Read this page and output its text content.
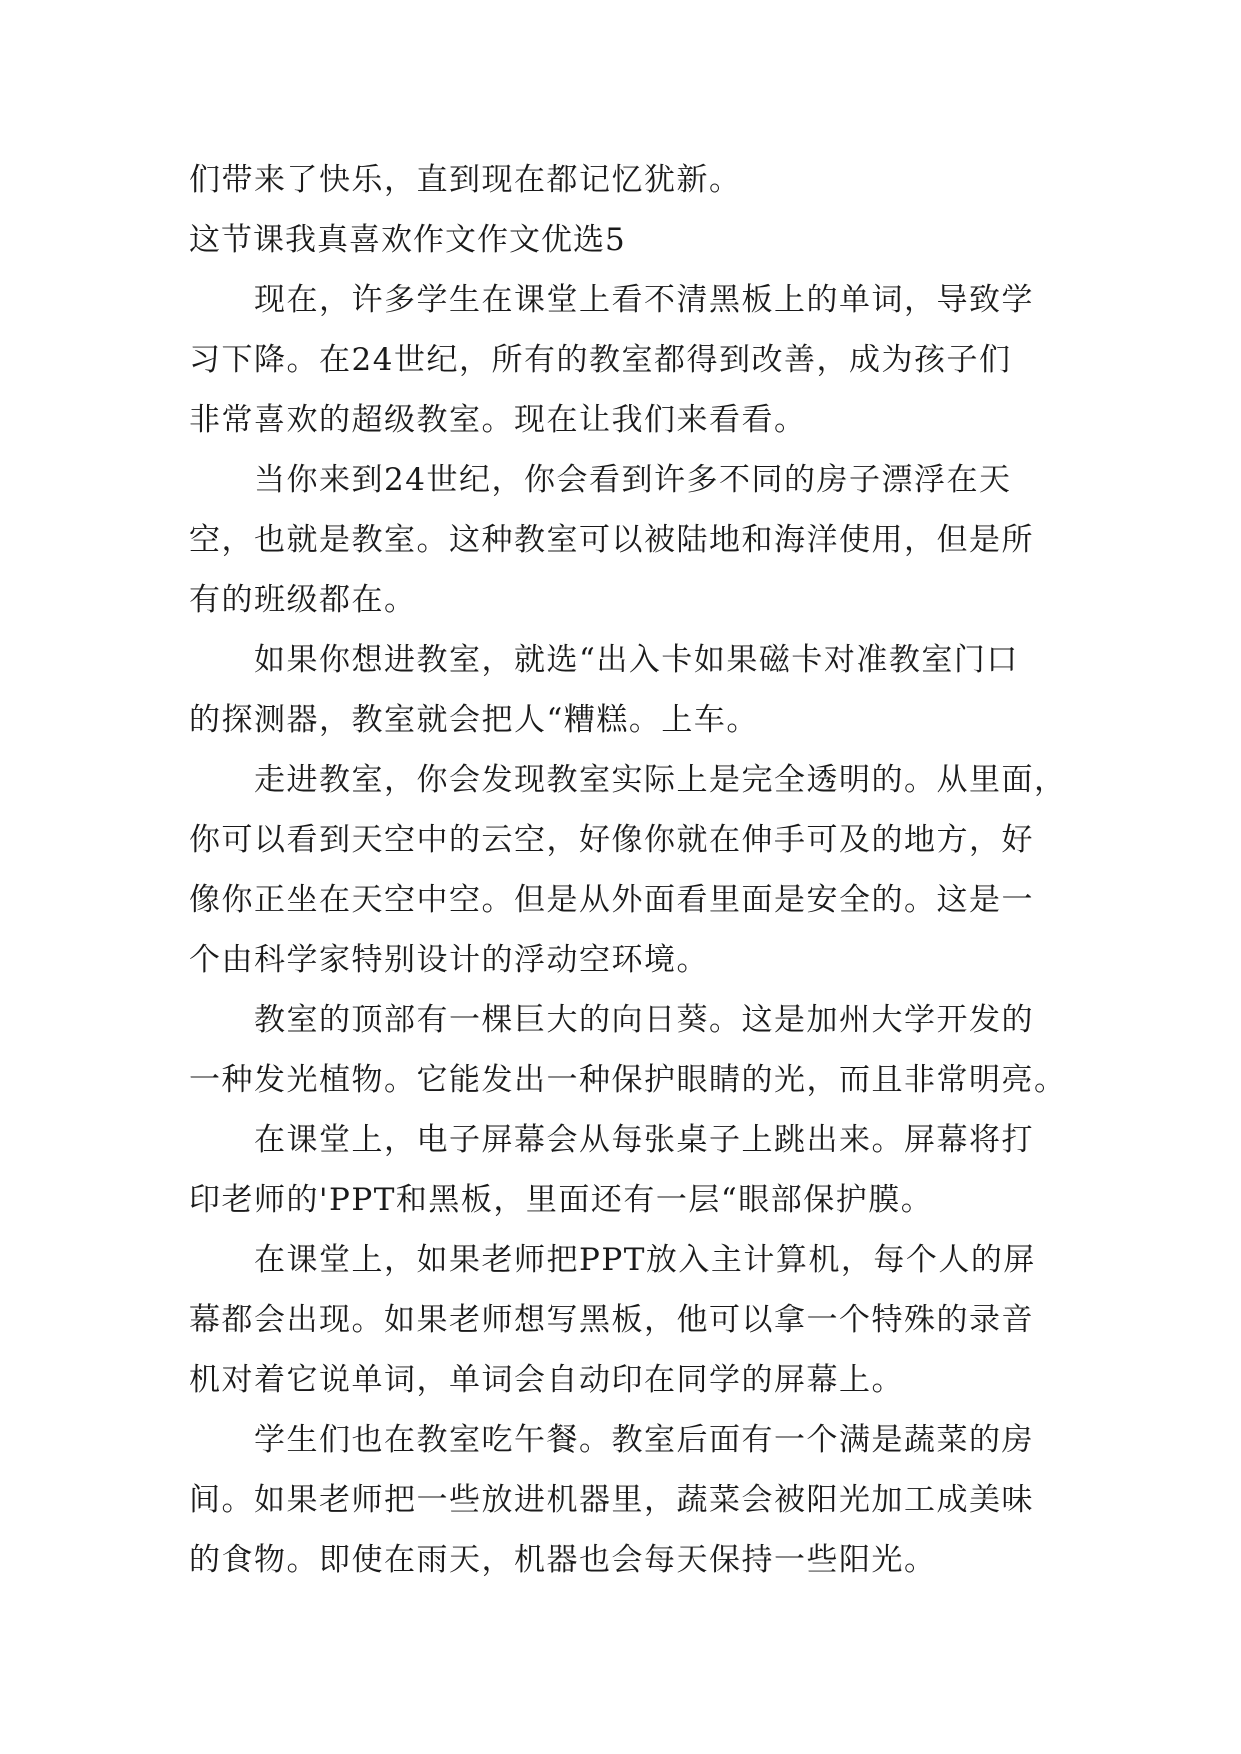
们带来了快乐，直到现在都记忆犹新。
这节课我真喜欢作文作文优选5
　　现在，许多学生在课堂上看不清黑板上的单词，导致学
习下降。在24世纪，所有的教室都得到改善，成为孩子们
非常喜欢的超级教室。现在让我们来看看。
　　当你来到24世纪，你会看到许多不同的房子漂浮在天
空，也就是教室。这种教室可以被陆地和海洋使用，但是所
有的班级都在。
　　如果你想进教室，就选“出入卡如果磁卡对准教室门口
的探测器，教室就会把人“糟糕。上车。
　　走进教室，你会发现教室实际上是完全透明的。从里面，
你可以看到天空中的云空，好像你就在伸手可及的地方，好
像你正坐在天空中空。但是从外面看里面是安全的。这是一
个由科学家特别设计的浮动空环境。
　　教室的顶部有一棵巨大的向日葵。这是加州大学开发的
一种发光植物。它能发出一种保护眼睛的光，而且非常明亮。
　　在课堂上，电子屏幕会从每张桌子上跳出来。屏幕将打
印老师的'PPT和黑板，里面还有一层“眼部保护膜。
　　在课堂上，如果老师把PPT放入主计算机，每个人的屏
幕都会出现。如果老师想写黑板，他可以拿一个特殊的录音
机对着它说单词，单词会自动印在同学的屏幕上。
　　学生们也在教室吃午餐。教室后面有一个满是蔬菜的房
间。如果老师把一些放进机器里，蔬菜会被阳光加工成美味
的食物。即使在雨天，机器也会每天保持一些阳光。
